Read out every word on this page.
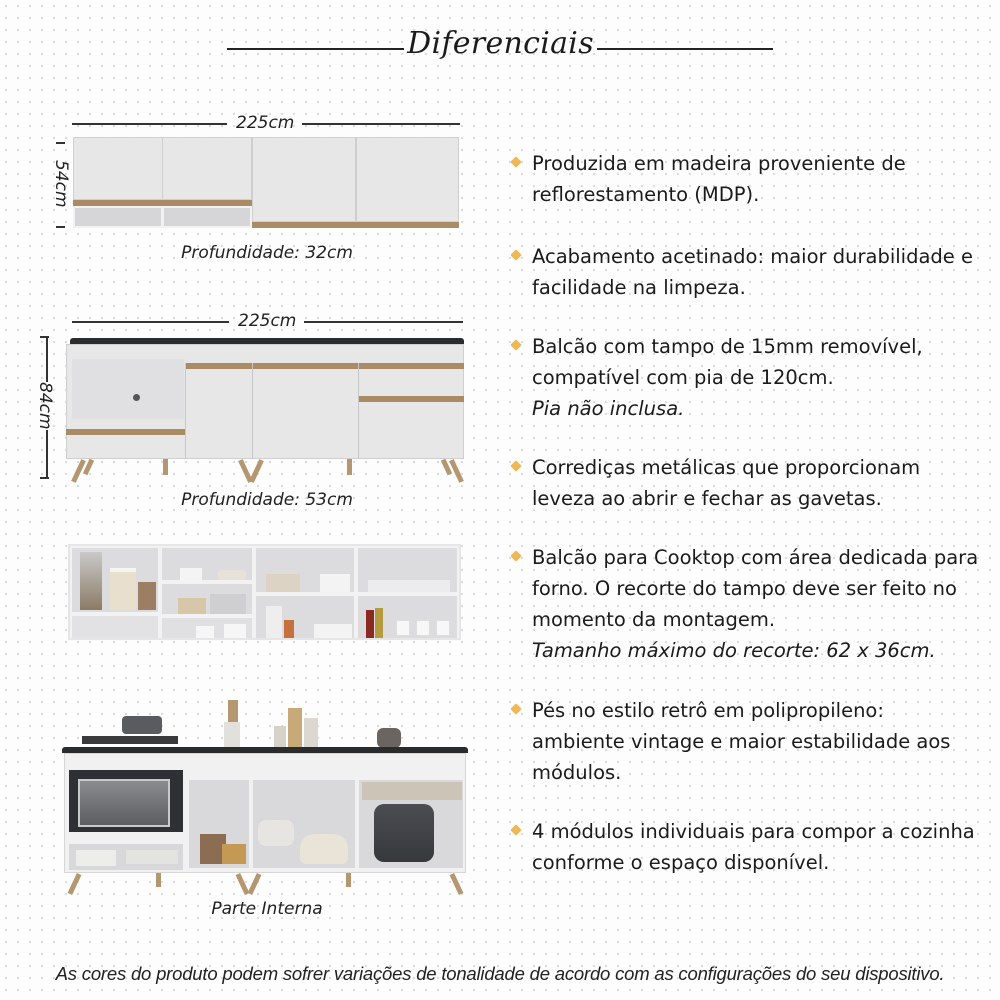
Diferenciais
225cm
54cm
Profundidade: 32cm
225cm
84cm
Profundidade: 53cm
Parte Interna
Produzida em madeira proveniente de reflorestamento (MDP).
Acabamento acetinado: maior durabilidade e facilidade na limpeza.
Balcão com tampo de 15mm removível, compatível com pia de 120cm.
Pia não inclusa.
Corrediças metálicas que proporcionam leveza ao abrir e fechar as gavetas.
Balcão para Cooktop com área dedicada para forno. O recorte do tampo deve ser feito no momento da montagem.
Tamanho máximo do recorte: 62 x 36cm.
Pés no estilo retrô em polipropileno: ambiente vintage e maior estabilidade aos módulos.
4 módulos individuais para compor a cozinha conforme o espaço disponível.
As cores do produto podem sofrer variações de tonalidade de acordo com as configurações do seu dispositivo.
